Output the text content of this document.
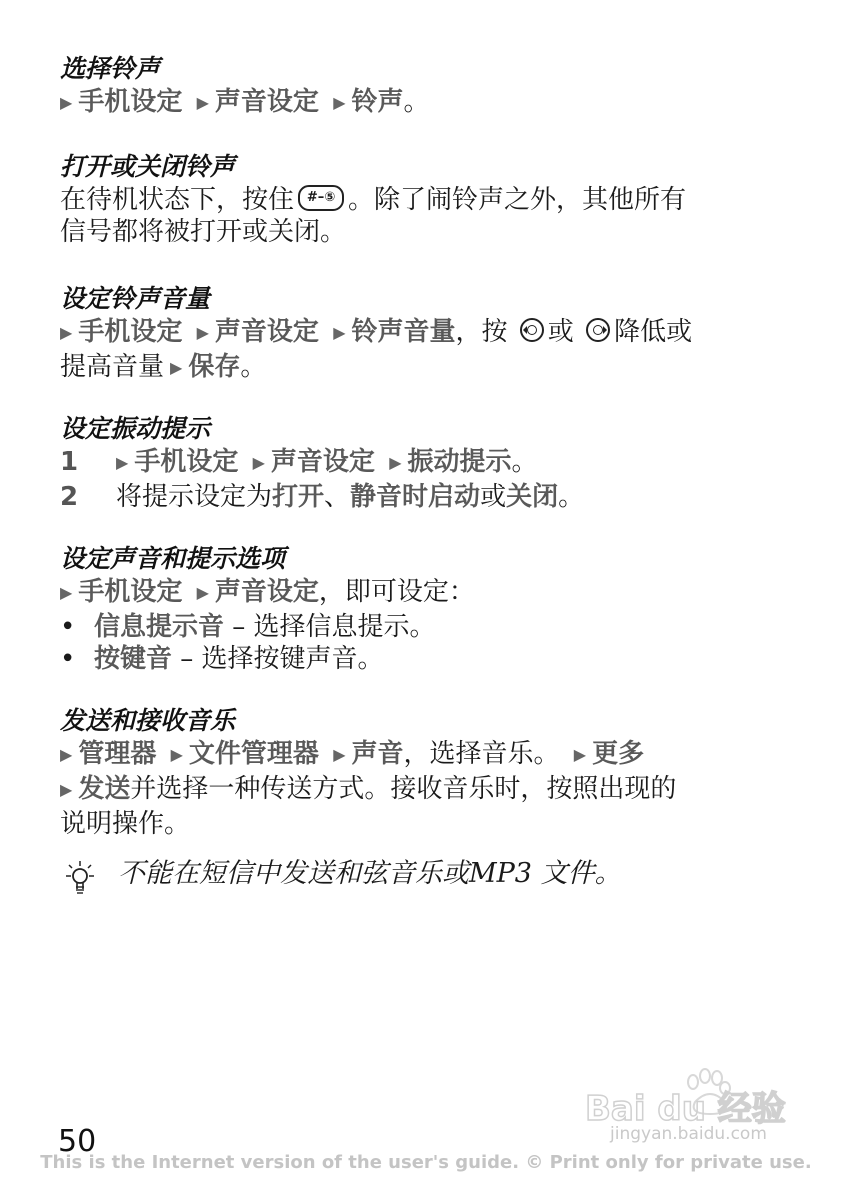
选择铃声

▶ 手机设定 ▶ 声音设定 ▶ 铃声。

打开或关闭铃声

在待机状态下，按住 #–⑤ 。除了闹铃声之外，其他所有

信号都将被打开或关闭。

设定铃声音量

▶ 手机设定 ▶ 声音设定 ▶ 铃声音量，按 或 降低或

提高音量 ▶ 保存。

设定振动提示

1 ▶ 手机设定 ▶ 声音设定 ▶ 振动提示。

2 将提示设定为打开、静音时启动或关闭。

设定声音和提示选项

▶ 手机设定 ▶ 声音设定，即可设定：

• 信息提示音 – 选择信息提示。

• 按键音 – 选择按键声音。

发送和接收音乐

▶ 管理器 ▶ 文件管理器 ▶ 声音，选择音乐。 ▶ 更多

▶ 发送并选择一种传送方式。接收音乐时，按照出现的

说明操作。

不能在短信中发送和弦音乐或MP3 文件。
Bai du 经验
jingyan.baidu.com
50
This is the Internet version of the user's guide. © Print only for private use.
